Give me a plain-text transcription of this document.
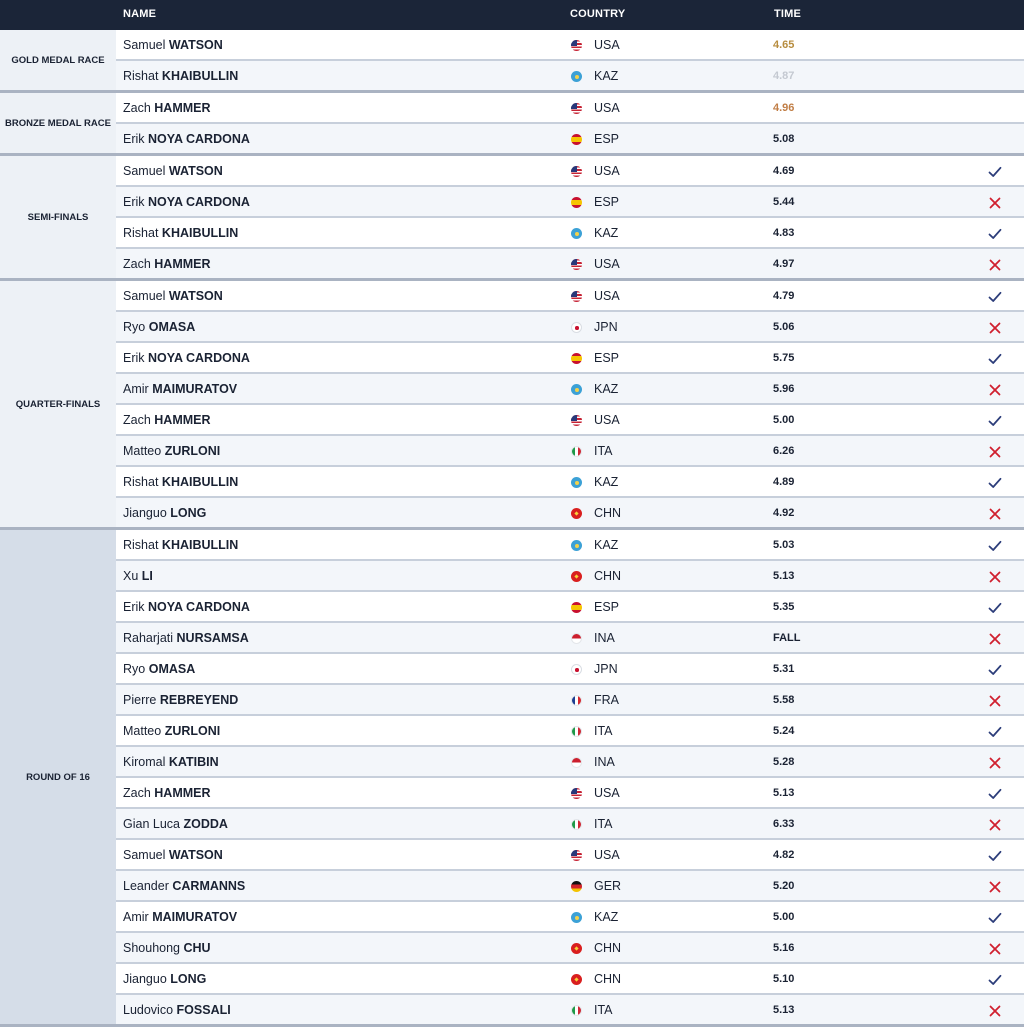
NAME	COUNTRY	TIME
GOLD MEDAL RACE
Samuel WATSON	USA	4.65
Rishat KHAIBULLIN	KAZ	4.87
BRONZE MEDAL RACE
Zach HAMMER	USA	4.96
Erik NOYA CARDONA	ESP	5.08
SEMI-FINALS
Samuel WATSON	USA	4.69
Erik NOYA CARDONA	ESP	5.44
Rishat KHAIBULLIN	KAZ	4.83
Zach HAMMER	USA	4.97
QUARTER-FINALS
Samuel WATSON	USA	4.79
Ryo OMASA	JPN	5.06
Erik NOYA CARDONA	ESP	5.75
Amir MAIMURATOV	KAZ	5.96
Zach HAMMER	USA	5.00
Matteo ZURLONI	ITA	6.26
Rishat KHAIBULLIN	KAZ	4.89
Jianguo LONG	CHN	4.92
ROUND OF 16
Rishat KHAIBULLIN	KAZ	5.03
Xu LI	CHN	5.13
Erik NOYA CARDONA	ESP	5.35
Raharjati NURSAMSA	INA	FALL
Ryo OMASA	JPN	5.31
Pierre REBREYEND	FRA	5.58
Matteo ZURLONI	ITA	5.24
Kiromal KATIBIN	INA	5.28
Zach HAMMER	USA	5.13
Gian Luca ZODDA	ITA	6.33
Samuel WATSON	USA	4.82
Leander CARMANNS	GER	5.20
Amir MAIMURATOV	KAZ	5.00
Shouhong CHU	CHN	5.16
Jianguo LONG	CHN	5.10
Ludovico FOSSALI	ITA	5.13
